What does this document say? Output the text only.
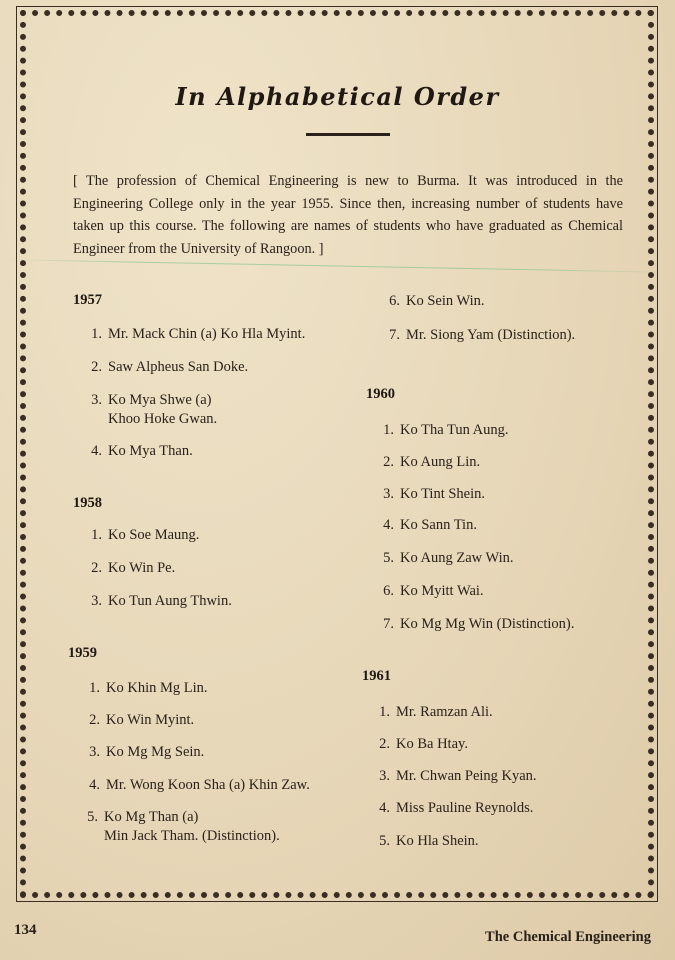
In Alphabetical Order
[ The profession of Chemical Engineering is new to Burma. It was introduced in the Engineering College only in the year 1955. Since then, increasing number of students have taken up this course. The following are names of students who have graduated as Chemical Engineer from the University of Rangoon. ]
1957
1. Mr. Mack Chin (a) Ko Hla Myint.
2. Saw Alpheus San Doke.
3. Ko Mya Shwe (a)
Khoo Hoke Gwan.
4. Ko Mya Than.
1958
1. Ko Soe Maung.
2. Ko Win Pe.
3. Ko Tun Aung Thwin.
1959
1. Ko Khin Mg Lin.
2. Ko Win Myint.
3. Ko Mg Mg Sein.
4. Mr. Wong Koon Sha (a) Khin Zaw.
5. Ko Mg Than (a)
Min Jack Tham. (Distinction).
6. Ko Sein Win.
7. Mr. Siong Yam (Distinction).
1960
1. Ko Tha Tun Aung.
2. Ko Aung Lin.
3. Ko Tint Shein.
4. Ko Sann Tin.
5. Ko Aung Zaw Win.
6. Ko Myitt Wai.
7. Ko Mg Mg Win (Distinction).
1961
1. Mr. Ramzan Ali.
2. Ko Ba Htay.
3. Mr. Chwan Peing Kyan.
4. Miss Pauline Reynolds.
5. Ko Hla Shein.
134	The Chemical Engineering
